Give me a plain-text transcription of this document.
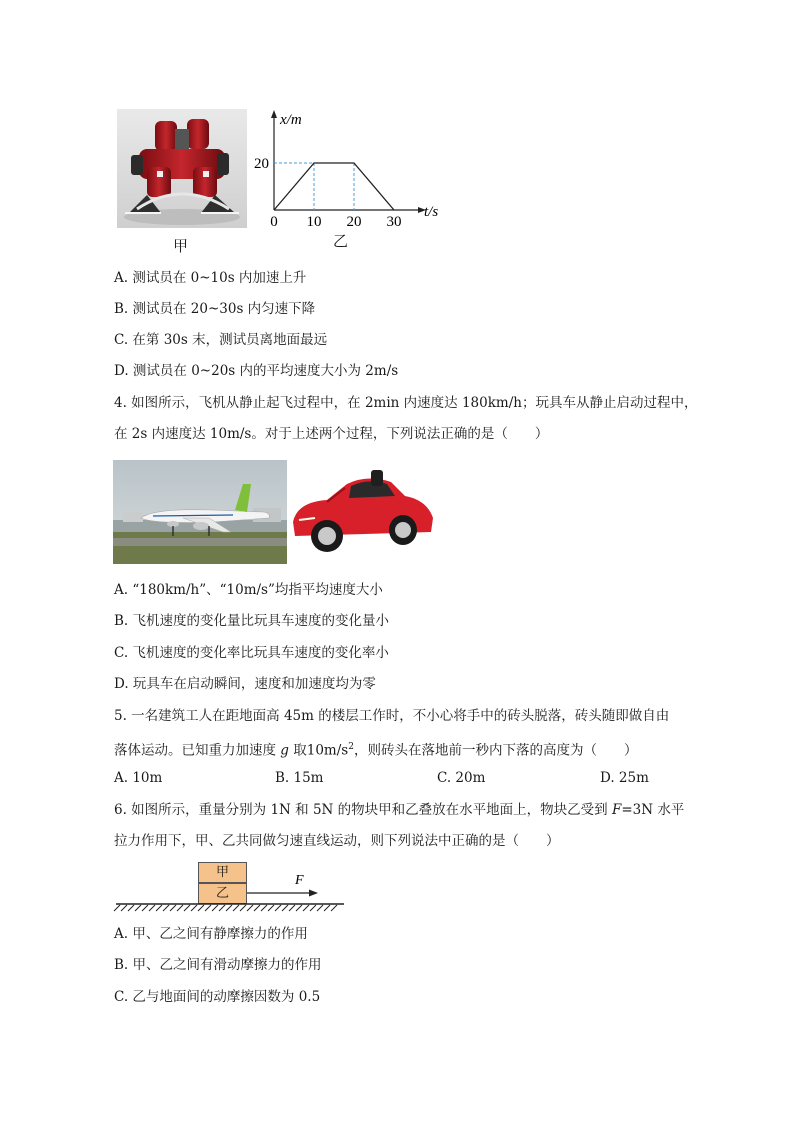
甲
x/m
t/s
20
0 10 20 30
乙
A. 测试员在 0~10s 内加速上升
B. 测试员在 20~30s 内匀速下降
C. 在第 30s 末，测试员离地面最远
D. 测试员在 0~20s 内的平均速度大小为 2m/s
4. 如图所示，飞机从静止起飞过程中，在 2min 内速度达 180km/h；玩具车从静止启动过程中，
在 2s 内速度达 10m/s。对于上述两个过程，下列说法正确的是（　　）
A. “180km/h”、“10m/s”均指平均速度大小
B. 飞机速度的变化量比玩具车速度的变化量小
C. 飞机速度的变化率比玩具车速度的变化率小
D. 玩具车在启动瞬间，速度和加速度均为零
5. 一名建筑工人在距地面高 45m 的楼层工作时，不小心将手中的砖头脱落，砖头随即做自由
落体运动。已知重力加速度 g 取$10m/s^2$，则砖头在落地前一秒内下落的高度为（　　）
A. 10m	B. 15m	C. 20m	D. 25m
6. 如图所示，重量分别为 1N 和 5N 的物块甲和乙叠放在水平地面上，物块乙受到 F=3N 水平
拉力作用下，甲、乙共同做匀速直线运动，则下列说法中正确的是（　　）
甲
乙
F
A. 甲、乙之间有静摩擦力的作用
B. 甲、乙之间有滑动摩擦力的作用
C. 乙与地面间的动摩擦因数为 0.5
